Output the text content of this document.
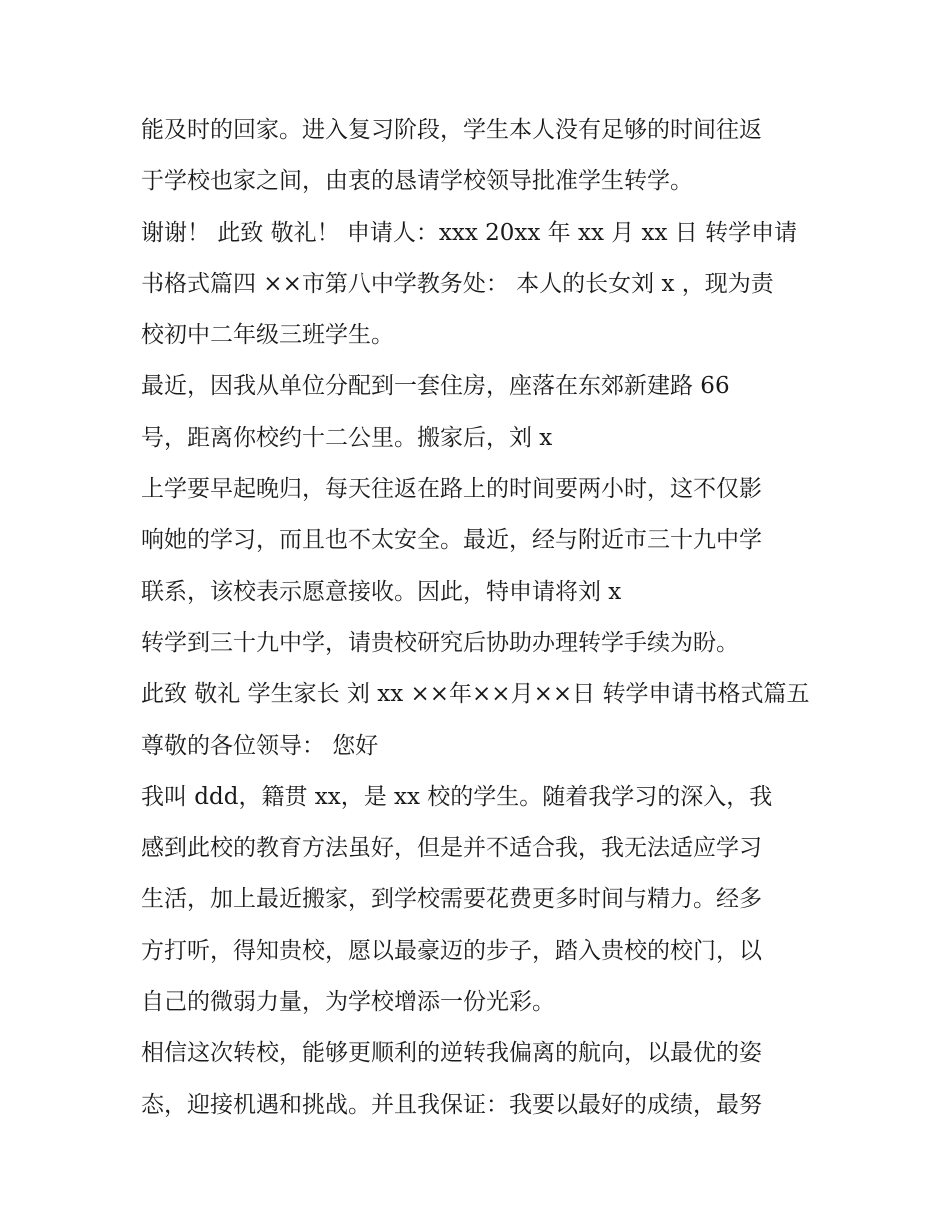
能及时的回家。进入复习阶段，学生本人没有足够的时间往返
于学校也家之间，由衷的恳请学校领导批准学生转学。
谢谢！ 此致 敬礼！ 申请人：xxx 20xx 年 xx 月 xx 日 转学申请
书格式篇四 ××市第八中学教务处： 本人的长女刘 x ，现为责
校初中二年级三班学生。
最近，因我从单位分配到一套住房，座落在东郊新建路 66
号，距离你校约十二公里。搬家后，刘 x
上学要早起晚归，每天往返在路上的时间要两小时，这不仅影
响她的学习，而且也不太安全。最近，经与附近市三十九中学
联系，该校表示愿意接收。因此，特申请将刘 x
转学到三十九中学，请贵校研究后协助办理转学手续为盼。
此致 敬礼 学生家长 刘 xx ××年××月××日 转学申请书格式篇五
尊敬的各位领导： 您好
我叫 ddd，籍贯 xx，是 xx 校的学生。随着我学习的深入，我
感到此校的教育方法虽好，但是并不适合我，我无法适应学习
生活，加上最近搬家，到学校需要花费更多时间与精力。经多
方打听，得知贵校，愿以最豪迈的步子，踏入贵校的校门，以
自己的微弱力量，为学校增添一份光彩。
相信这次转校，能够更顺利的逆转我偏离的航向，以最优的姿
态，迎接机遇和挑战。并且我保证：我要以最好的成绩，最努
